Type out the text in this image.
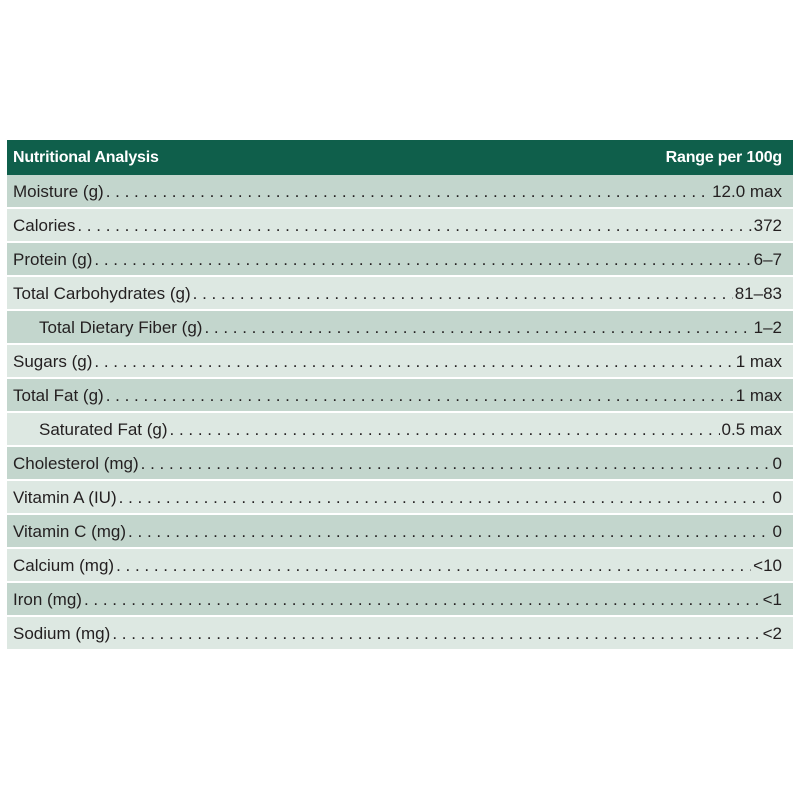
Nutritional Analysis	Range per 100g
Moisture (g) . . .	12.0 max
Calories . . .	372
Protein (g) . . .	6–7
Total Carbohydrates (g) . . .	81–83
Total Dietary Fiber (g) . . .	1–2
Sugars (g) . . .	1 max
Total Fat (g) . . .	1 max
Saturated Fat (g) . . .	0.5 max
Cholesterol (mg) . . .	0
Vitamin A (IU) . . .	0
Vitamin C (mg) . . .	0
Calcium (mg) . . .	<10
Iron (mg) . . .	<1
Sodium (mg) . . .	<2
